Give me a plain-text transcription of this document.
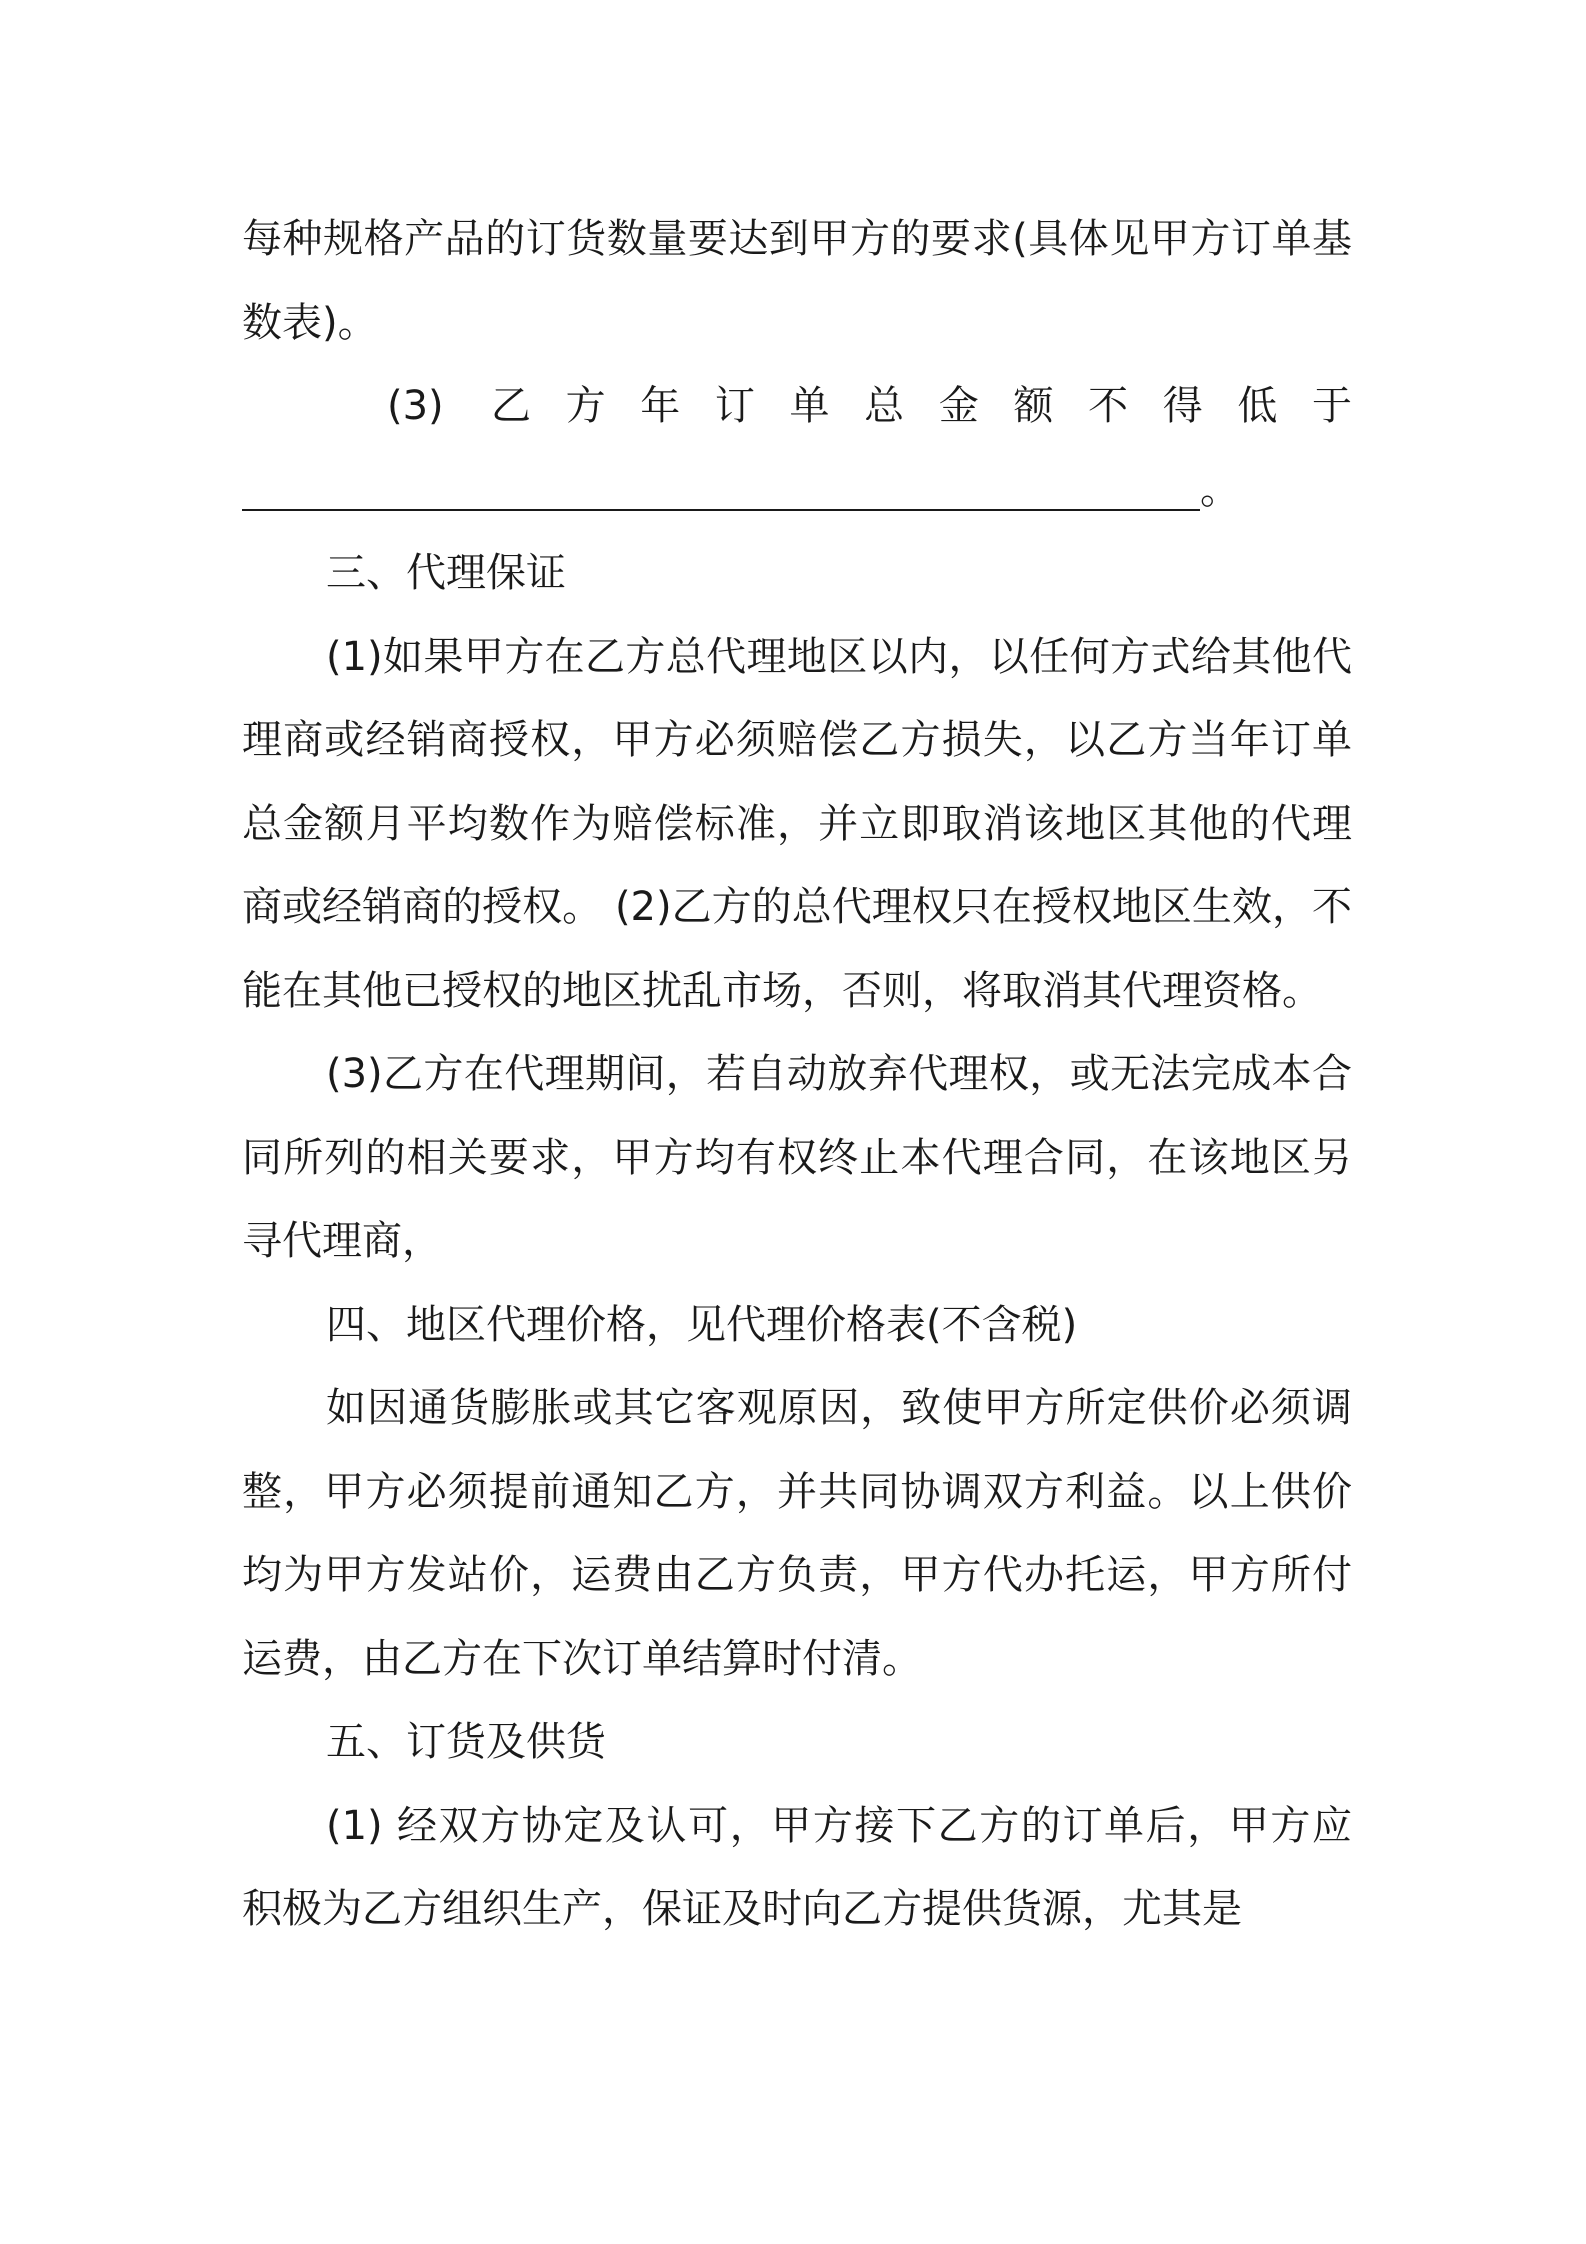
每种规格产品的订货数量要达到甲方的要求(具体见甲方订单基数表)。

(3) 乙方年订单总金额不得低于

。

三、代理保证

(1)如果甲方在乙方总代理地区以内，以任何方式给其他代理商或经销商授权，甲方必须赔偿乙方损失，以乙方当年订单总金额月平均数作为赔偿标准，并立即取消该地区其他的代理商或经销商的授权。 (2)乙方的总代理权只在授权地区生效，不能在其他已授权的地区扰乱市场，否则，将取消其代理资格。

(3)乙方在代理期间，若自动放弃代理权，或无法完成本合同所列的相关要求，甲方均有权终止本代理合同，在该地区另寻代理商，

四、地区代理价格，见代理价格表(不含税)

如因通货膨胀或其它客观原因，致使甲方所定供价必须调整，甲方必须提前通知乙方，并共同协调双方利益。以上供价均为甲方发站价，运费由乙方负责，甲方代办托运，甲方所付运费，由乙方在下次订单结算时付清。

五、订货及供货

(1) 经双方协定及认可，甲方接下乙方的订单后，甲方应积极为乙方组织生产，保证及时向乙方提供货源，尤其是
